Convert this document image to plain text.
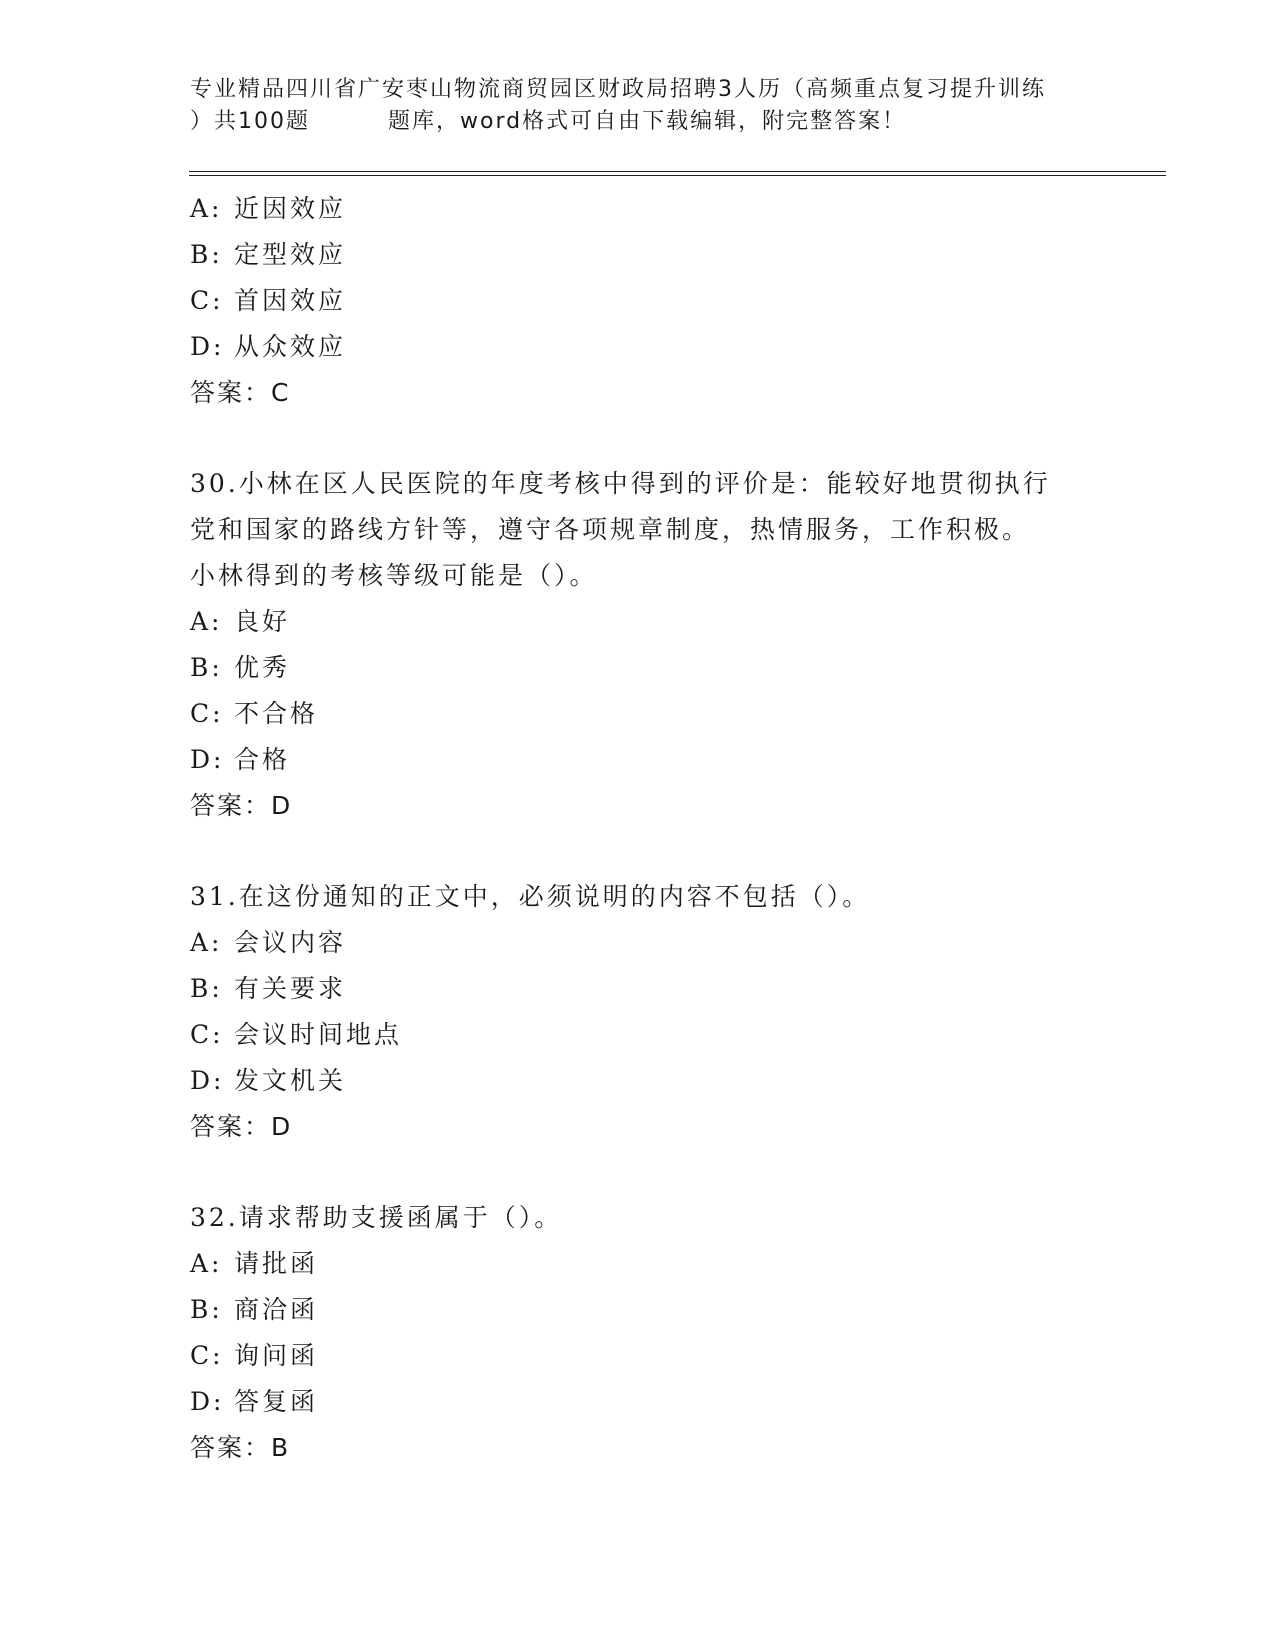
专业精品四川省广安枣山物流商贸园区财政局招聘3人历（高频重点复习提升训练
）共100题	题库，word格式可自由下载编辑，附完整答案！
A: 近因效应
B: 定型效应
C: 首因效应
D: 从众效应
答案：C
30.小林在区人民医院的年度考核中得到的评价是：能较好地贯彻执行
党和国家的路线方针等，遵守各项规章制度，热情服务，工作积极。
小林得到的考核等级可能是（）。
A: 良好
B: 优秀
C: 不合格
D: 合格
答案：D
31.在这份通知的正文中，必须说明的内容不包括（）。
A: 会议内容
B: 有关要求
C: 会议时间地点
D: 发文机关
答案：D
32.请求帮助支援函属于（）。
A: 请批函
B: 商洽函
C: 询问函
D: 答复函
答案：B
